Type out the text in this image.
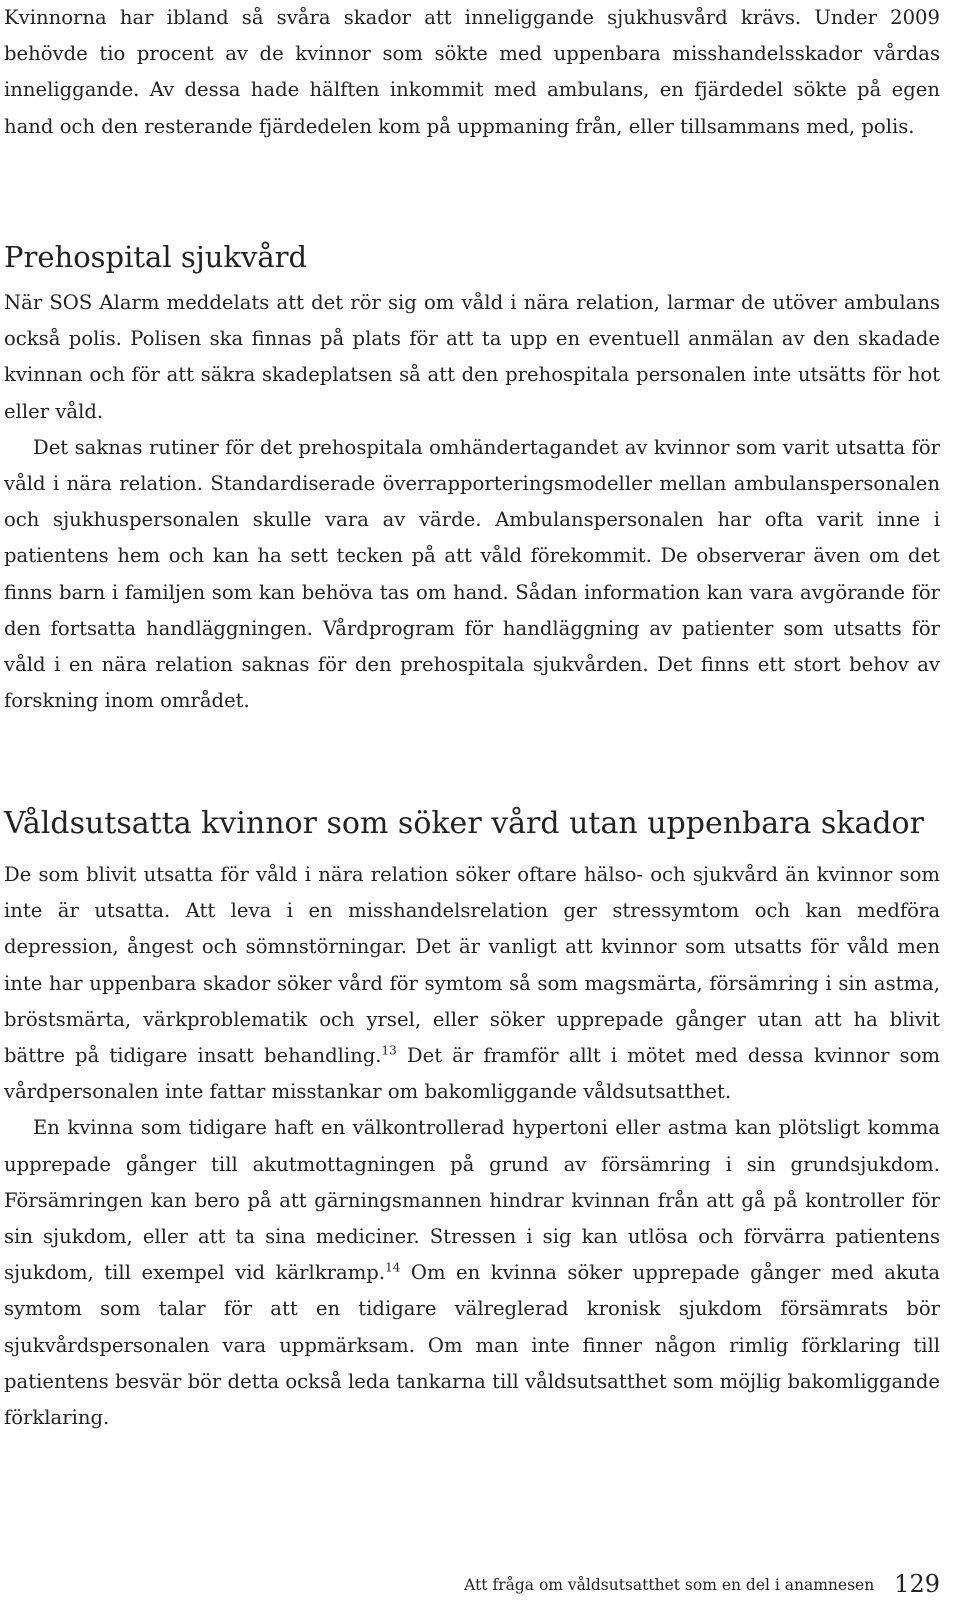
Kvinnorna har ibland så svåra skador att inneliggande sjukhusvård krävs. Under 2009 behövde tio procent av de kvinnor som sökte med uppenbara misshandelsskador vårdas inneliggande. Av dessa hade hälften inkommit med ambulans, en fjärdedel sökte på egen hand och den resterande fjärdedelen kom på uppmaning från, eller tillsammans med, polis.

Prehospital sjukvård

När SOS Alarm meddelats att det rör sig om våld i nära relation, larmar de utöver ambulans också polis. Polisen ska finnas på plats för att ta upp en eventuell anmälan av den skadade kvinnan och för att säkra skadeplatsen så att den prehospitala personalen inte utsätts för hot eller våld.

Det saknas rutiner för det prehospitala omhändertagandet av kvinnor som varit utsatta för våld i nära relation. Standardiserade överrapporteringsmodeller mellan ambulanspersonalen och sjukhuspersonalen skulle vara av värde. Ambulanspersonalen har ofta varit inne i patientens hem och kan ha sett tecken på att våld förekommit. De observerar även om det finns barn i familjen som kan behöva tas om hand. Sådan information kan vara avgörande för den fortsatta handläggningen. Vårdprogram för handläggning av patienter som utsatts för våld i en nära relation saknas för den prehospitala sjukvården. Det finns ett stort behov av forskning inom området.

Våldsutsatta kvinnor som söker vård utan uppenbara skador

De som blivit utsatta för våld i nära relation söker oftare hälso- och sjukvård än kvinnor som inte är utsatta. Att leva i en misshandelsrelation ger stressymtom och kan medföra depression, ångest och sömnstörningar. Det är vanligt att kvinnor som utsatts för våld men inte har uppenbara skador söker vård för symtom så som magsmärta, försämring i sin astma, bröstsmärta, värkproblematik och yrsel, eller söker upprepade gånger utan att ha blivit bättre på tidigare insatt behandling.$^{13}$ Det är framför allt i mötet med dessa kvinnor som vårdpersonalen inte fattar misstankar om bakomliggande våldsutsatthet.

En kvinna som tidigare haft en välkontrollerad hypertoni eller astma kan plötsligt komma upprepade gånger till akutmottagningen på grund av försämring i sin grundsjukdom. Försämringen kan bero på att gärningsmannen hindrar kvinnan från att gå på kontroller för sin sjukdom, eller att ta sina mediciner. Stressen i sig kan utlösa och förvärra patientens sjukdom, till exempel vid kärlkramp.$^{14}$ Om en kvinna söker upprepade gånger med akuta symtom som talar för att en tidigare välreglerad kronisk sjukdom försämrats bör sjukvårdspersonalen vara uppmärksam. Om man inte finner någon rimlig förklaring till patientens besvär bör detta också leda tankarna till våldsutsatthet som möjlig bakomliggande förklaring.

Att fråga om våldsutsatthet som en del i anamnesen 129
